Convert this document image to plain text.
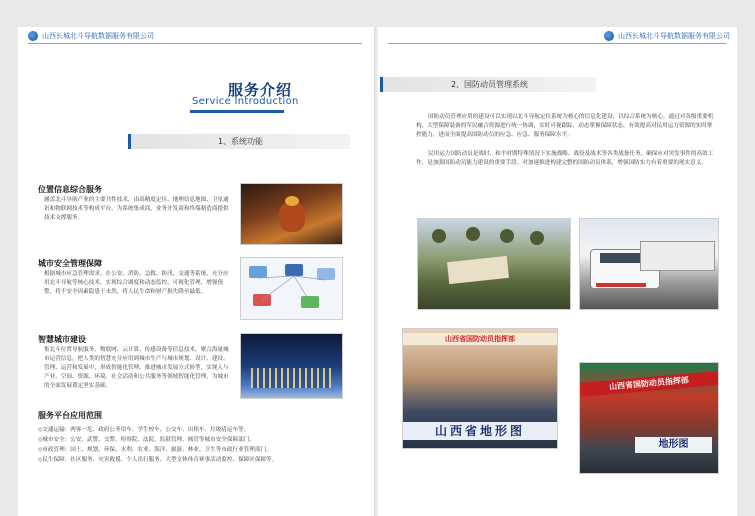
山西长城北斗导航数据服务有限公司	山西长城北斗导航数据服务有限公司
服务介绍
Service Introduction
1、系统功能
位置信息综合服务
涵盖北斗导航产业的主要共性技术，由高精度定位、地理信息地图、卫星通讯和物联网技术等构成平台，为系统集成商、业务开发商和终端制造商提供技术支撑服务。
城市安全管理保障
根据城市应急管理需求，在公安、消防、急救、防汛、交通等系统，充分应用北斗导航等核心技术，实现综合调度和动态监控，可视化管理，增强预警，将不安全因素隐患于未然，将人民生命和财产损失降至最低。
智慧城市建设
集北斗位置导航服务、物联网、云计算、传感设备等信息技术，聚合海量城市运营信息，把人类的智慧充分应用到城市生产与城市规划、设计、建设、管理、运营和发展中，形成智能化管理，推进城市发展方式转型，实现人与产业、空间、资源、环境、社会活动和公共服务等领域智能化管理，为城市的全面发展奠定坚实基础。
服务平台应用范围
◇交通运输：两客一危、政府公务用车、学生校车、公交车、出租车、垃圾清运车等。
◇城市安全：公安、武警、交警、检察院、法院、监狱管理、城管等城市安全保障部门。
◇市政管理：国土、规划、环保、水利、农业、海洋、旅游、林业、卫生等市政行业管理部门。
◇民生保障：社区服务、灾害救援、个人出行服务、大型文体体育赛事活动监控、保障区保障等。
2、国防动员管理系统
国防动员管理应用的建设可以实现以北斗导航定位系统为核心的信息化建设，以综合系统为核心，通过对各级重要机构、大型保障装备的军民融合资源进行统一协调，实时可视跟踪、动态掌握保障状态，有效提高对民用运力资源的实时掌控能力，进而全面提高国防动员的应急、应急、服务保障水平。
民用运力国防动员是战时、和平时期特殊情况下实施战略、战役及战术等各类战备任务，确保应对突发事件的高效工作，是加强国防动员能力建设的重要手段。对加速推进构建完整的国防动员体系，增强国防实力有着重要的现实意义。
山西省国防动员指挥部
山西省地形图
山西省国防动员指挥部
地形图
